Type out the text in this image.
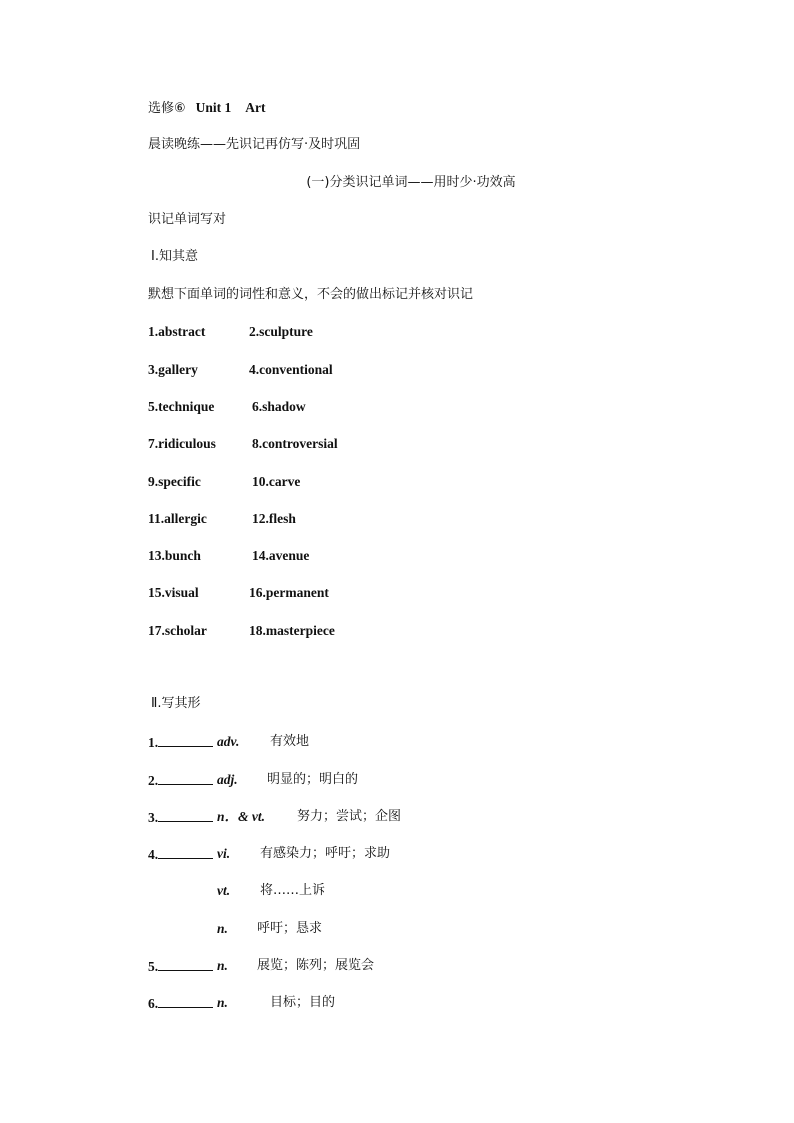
选修⑥ Unit 1 Art
晨读晚练——先识记再仿写·及时巩固
(一)分类识记单词——用时少·功效高
识记单词写对
Ⅰ.知其意
默想下面单词的词性和意义，不会的做出标记并核对识记
1.abstract	2.sculpture
3.gallery	4.conventional
5.technique	6.shadow
7.ridiculous	8.controversial
9.specific	10.carve
11.allergic	12.flesh
13.bunch	14.avenue
15.visual	16.permanent
17.scholar	18.masterpiece
Ⅱ.写其形
1.	adv. 有效地
2.	adj. 明显的；明白的
3.	n．& vt. 努力；尝试；企图
4.	vi. 有感染力；呼吁；求助
vt. 将……上诉
n. 呼吁；恳求
5.	n. 展览；陈列；展览会
6.	n.	目标；目的
